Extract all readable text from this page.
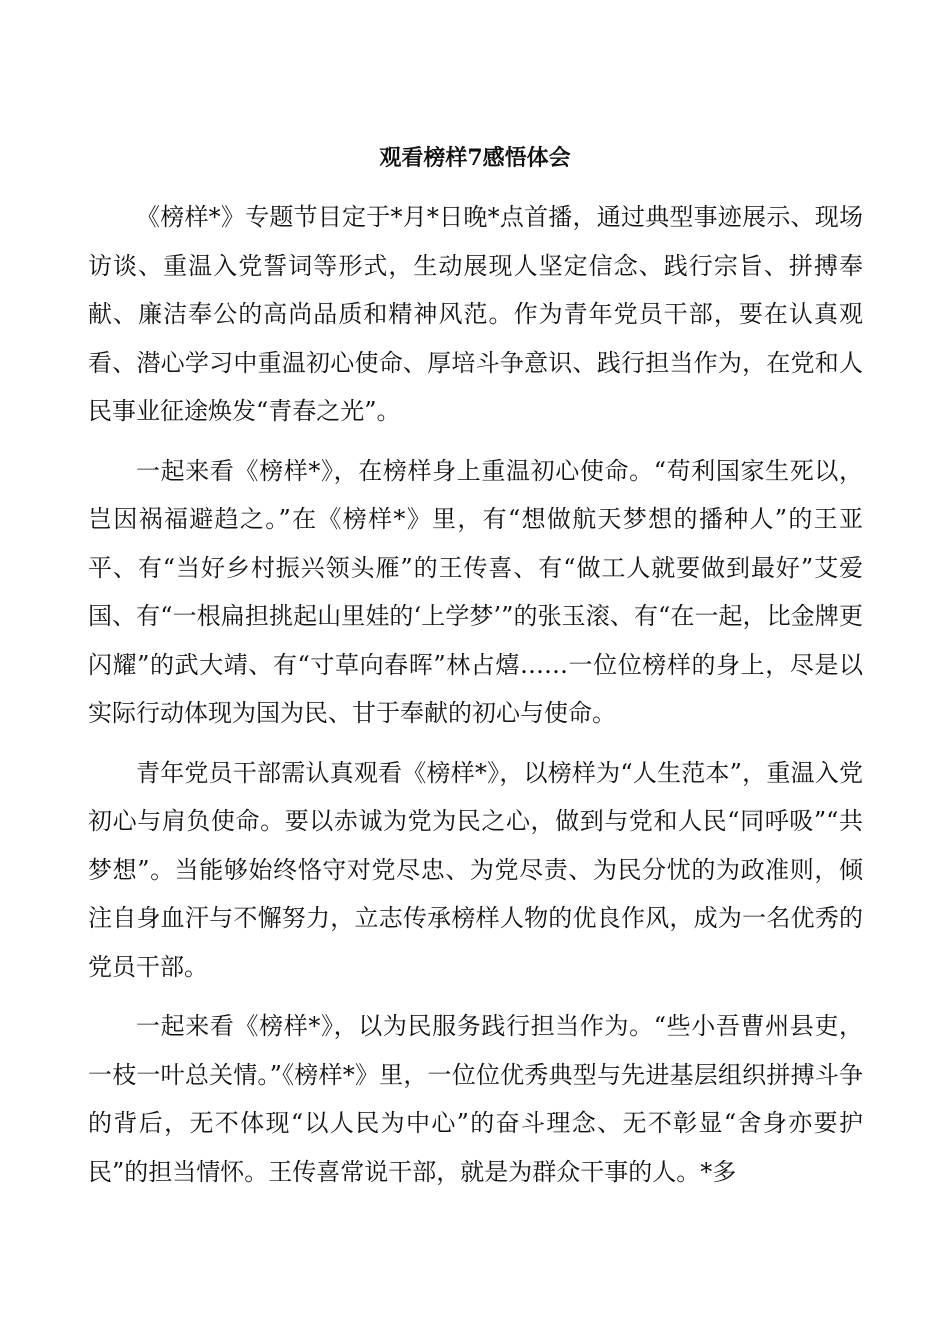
观看榜样7感悟体会

《榜样*》专题节目定于*月*日晚*点首播，通过典型事迹展示、现场访谈、重温入党誓词等形式，生动展现人坚定信念、践行宗旨、拼搏奉献、廉洁奉公的高尚品质和精神风范。作为青年党员干部，要在认真观看、潜心学习中重温初心使命、厚培斗争意识、践行担当作为，在党和人民事业征途焕发“青春之光”。

一起来看《榜样*》，在榜样身上重温初心使命。“苟利国家生死以，岂因祸福避趋之。”在《榜样*》里，有“想做航天梦想的播种人”的王亚平、有“当好乡村振兴领头雁”的王传喜、有“做工人就要做到最好”艾爱国、有“一根扁担挑起山里娃的‘上学梦’”的张玉滚、有“在一起，比金牌更闪耀”的武大靖、有“寸草向春晖”林占熺……一位位榜样的身上，尽是以实际行动体现为国为民、甘于奉献的初心与使命。

青年党员干部需认真观看《榜样*》，以榜样为“人生范本”，重温入党初心与肩负使命。要以赤诚为党为民之心，做到与党和人民“同呼吸”“共梦想”。当能够始终恪守对党尽忠、为党尽责、为民分忧的为政准则，倾注自身血汗与不懈努力，立志传承榜样人物的优良作风，成为一名优秀的党员干部。

一起来看《榜样*》，以为民服务践行担当作为。“些小吾曹州县吏，一枝一叶总关情。”《榜样*》里，一位位优秀典型与先进基层组织拼搏斗争的背后，无不体现“以人民为中心”的奋斗理念、无不彰显“舍身亦要护民”的担当情怀。王传喜常说干部，就是为群众干事的人。*多
